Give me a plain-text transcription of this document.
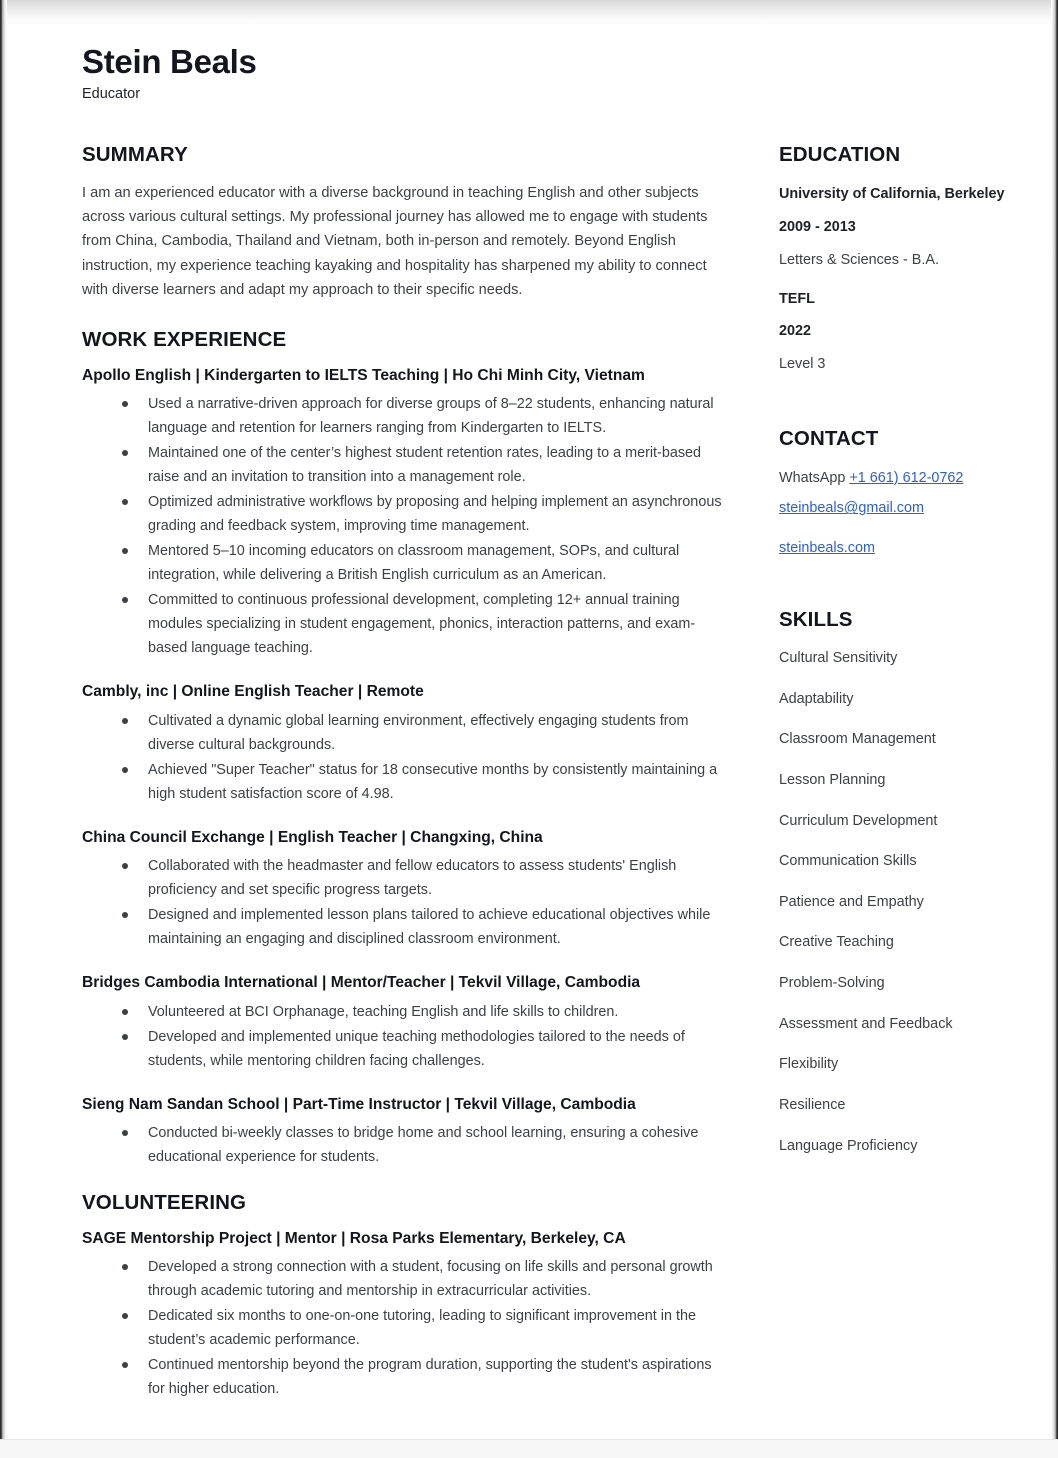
Stein Beals

Educator

SUMMARY

I am an experienced educator with a diverse background in teaching English and other subjects across various cultural settings. My professional journey has allowed me to engage with students from China, Cambodia, Thailand and Vietnam, both in-person and remotely. Beyond English instruction, my experience teaching kayaking and hospitality has sharpened my ability to connect with diverse learners and adapt my approach to their specific needs.

WORK EXPERIENCE
Apollo English | Kindergarten to IELTS Teaching | Ho Chi Minh City, Vietnam
Used a narrative-driven approach for diverse groups of 8–22 students, enhancing natural language and retention for learners ranging from Kindergarten to IELTS.
Maintained one of the center’s highest student retention rates, leading to a merit-based raise and an invitation to transition into a management role.
Optimized administrative workflows by proposing and helping implement an asynchronous grading and feedback system, improving time management.
Mentored 5–10 incoming educators on classroom management, SOPs, and cultural integration, while delivering a British English curriculum as an American.
Committed to continuous professional development, completing 12+ annual training modules specializing in student engagement, phonics, interaction patterns, and exam-based language teaching.
Cambly, inc | Online English Teacher | Remote
Cultivated a dynamic global learning environment, effectively engaging students from diverse cultural backgrounds.
Achieved "Super Teacher" status for 18 consecutive months by consistently maintaining a high student satisfaction score of 4.98.
China Council Exchange | English Teacher | Changxing, China
Collaborated with the headmaster and fellow educators to assess students' English proficiency and set specific progress targets.
Designed and implemented lesson plans tailored to achieve educational objectives while maintaining an engaging and disciplined classroom environment.
Bridges Cambodia International | Mentor/Teacher | Tekvil Village, Cambodia
Volunteered at BCI Orphanage, teaching English and life skills to children.
Developed and implemented unique teaching methodologies tailored to the needs of students, while mentoring children facing challenges.
Sieng Nam Sandan School | Part-Time Instructor | Tekvil Village, Cambodia
Conducted bi-weekly classes to bridge home and school learning, ensuring a cohesive educational experience for students.
VOLUNTEERING
SAGE Mentorship Project | Mentor | Rosa Parks Elementary, Berkeley, CA
Developed a strong connection with a student, focusing on life skills and personal growth through academic tutoring and mentorship in extracurricular activities.
Dedicated six months to one-on-one tutoring, leading to significant improvement in the student’s academic performance.
Continued mentorship beyond the program duration, supporting the student's aspirations for higher education.
EDUCATION

University of California, Berkeley

2009 - 2013

Letters & Sciences - B.A.

TEFL

2022

Level 3

CONTACT

WhatsApp +1 661) 612-0762

steinbeals@gmail.com

steinbeals.com

SKILLS

Cultural Sensitivity

Adaptability

Classroom Management

Lesson Planning

Curriculum Development

Communication Skills

Patience and Empathy

Creative Teaching

Problem-Solving

Assessment and Feedback

Flexibility

Resilience

Language Proficiency
